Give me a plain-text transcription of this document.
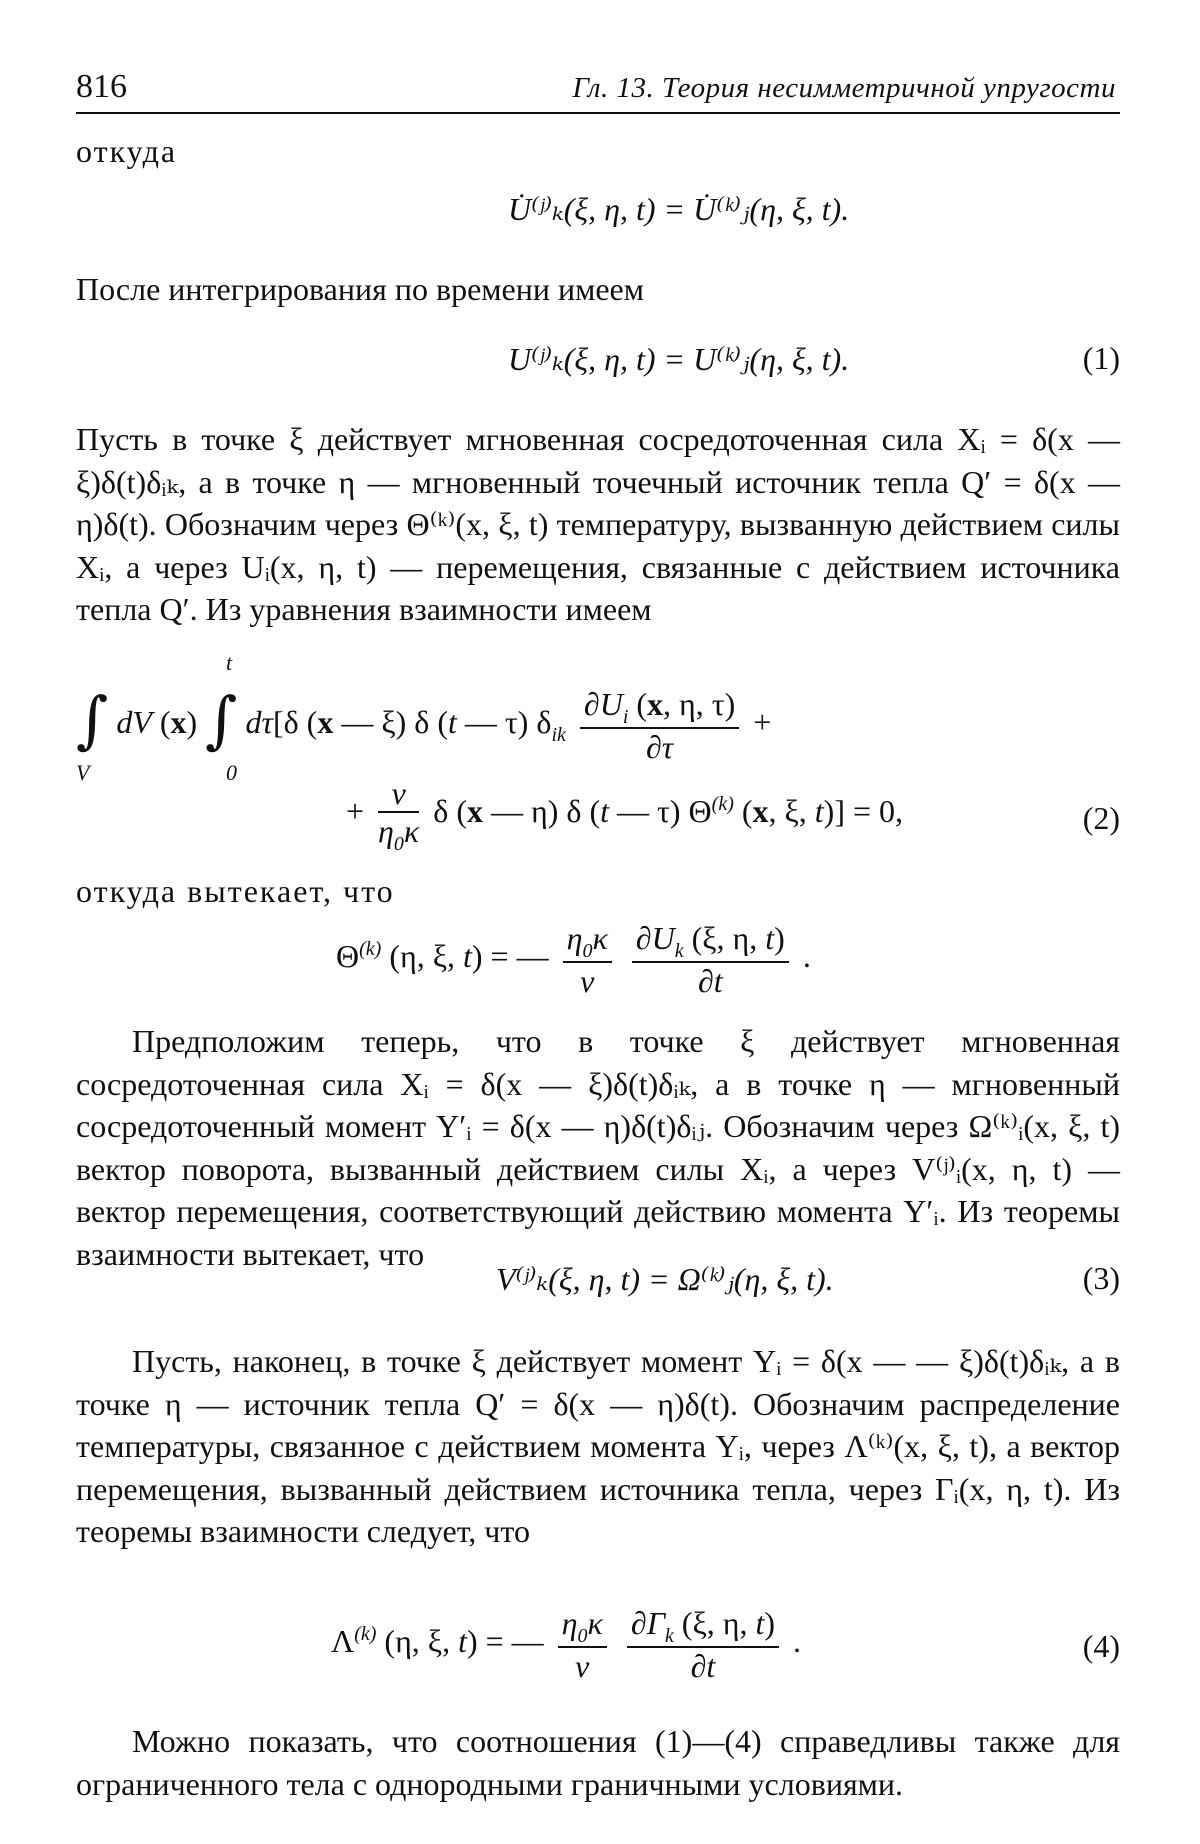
816	Гл. 13. Теория несимметричной упругости
откуда
U̇⁽ʲ⁾ₖ(ξ, η, t) = U̇⁽ᵏ⁾ⱼ(η, ξ, t).
После интегрирования по времени имеем
U⁽ʲ⁾ₖ(ξ, η, t) = U⁽ᵏ⁾ⱼ(η, ξ, t).	(1)
Пусть в точке ξ действует мгновенная сосредоточенная сила Xᵢ = δ(x — ξ)δ(t)δᵢₖ, а в точке η — мгновенный точечный источник тепла Q′ = δ(x — η)δ(t). Обозначим через Θ⁽ᵏ⁾(x, ξ, t) температуру, вызванную действием силы Xᵢ, а через Uᵢ(x, η, t) — перемещения, связанные с действием источника тепла Q′. Из уравнения взаимности имеем
∫ dV (x) ∫ dτ[δ (x — ξ) δ (t — τ) $\delta_{ik} \frac{\partial U_i (x, \eta, \tau)}{\partial\tau}$ +
V	0
t
+ $\frac{\nu}{\eta_0\kappa}$ δ (x — η) δ (t — τ) $\Theta^{(k)}$ (x, ξ, t)] = 0,	(2)
откуда вытекает, что
$\Theta^{(k)}$ (η, ξ, t) = — $\frac{\eta_0\kappa}{\nu}$
$\frac{\partial U_k (\xi, \eta, t)}{\partial t}$ .
Предположим теперь, что в точке ξ действует мгновенная сосредоточенная сила Xᵢ = δ(x — ξ)δ(t)δᵢₖ, а в точке η — мгновенный сосредоточенный момент Y′ᵢ = δ(x — η)δ(t)δᵢⱼ. Обозначим через Ω⁽ᵏ⁾ᵢ(x, ξ, t) вектор поворота, вызванный действием силы Xᵢ, а через V⁽ʲ⁾ᵢ(x, η, t) — вектор перемещения, соответствующий действию момента Y′ᵢ. Из теоремы взаимности вытекает, что
V⁽ʲ⁾ₖ(ξ, η, t) = Ω⁽ᵏ⁾ⱼ(η, ξ, t).	(3)
Пусть, наконец, в точке ξ действует момент Yᵢ = δ(x — — ξ)δ(t)δᵢₖ, а в точке η — источник тепла Q′ = δ(x — η)δ(t). Обозначим распределение температуры, связанное с действием момента Yᵢ, через Λ⁽ᵏ⁾(x, ξ, t), а вектор перемещения, вызванный действием источника тепла, через Γᵢ(x, η, t). Из теоремы взаимности следует, что
$\Lambda^{(k)}$ (η, ξ, t) = — $\frac{\eta_0\kappa}{\nu}$
$\frac{\partial\Gamma_k (\xi, \eta, t)}{\partial t}$ .	(4)
Можно показать, что соотношения (1)—(4) справедливы также для ограниченного тела с однородными граничными условиями.
